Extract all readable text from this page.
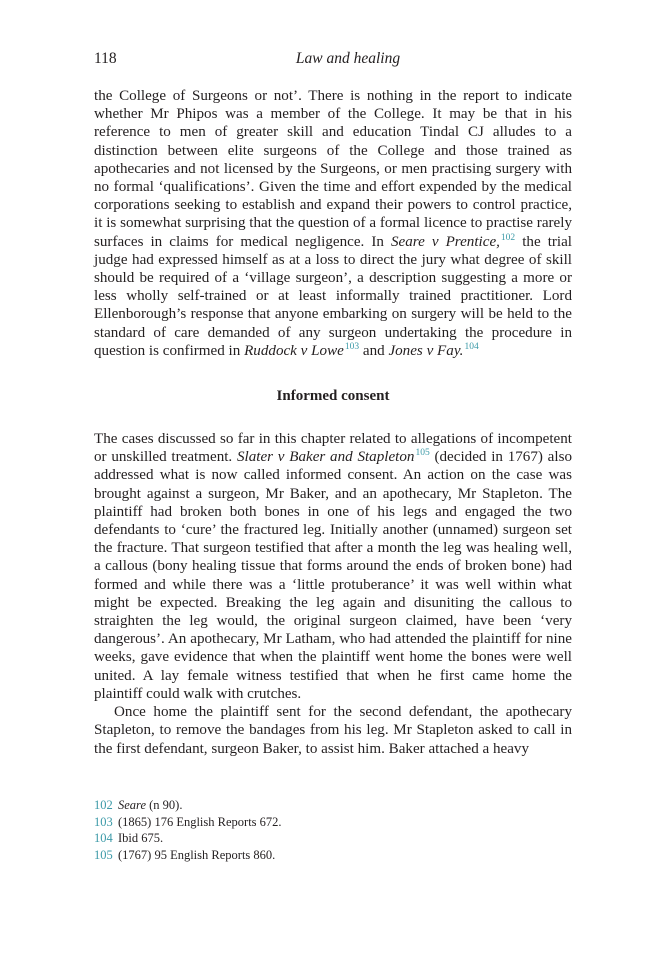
118	Law and healing

the College of Surgeons or not’. There is nothing in the report to indicate whether Mr Phipos was a member of the College. It may be that in his reference to men of greater skill and education Tindal CJ alludes to a distinction between elite surgeons of the College and those trained as apothecaries and not licensed by the Surgeons, or men practising surgery with no formal ‘qualifications’. Given the time and effort expended by the medical corporations seeking to establish and expand their powers to control practice, it is somewhat surprising that the question of a formal licence to practise rarely surfaces in claims for medical negligence. In Seare v Prentice,$^{102}$ the trial judge had expressed himself as at a loss to direct the jury what degree of skill should be required of a ‘village surgeon’, a description suggesting a more or less wholly self-trained or at least informally trained practitioner. Lord Ellenborough’s response that anyone embarking on surgery will be held to the standard of care demanded of any surgeon undertaking the procedure in question is confirmed in Ruddock v Lowe$^{103}$ and Jones v Fay.$^{104}$

Informed consent

The cases discussed so far in this chapter related to allegations of incompetent or unskilled treatment. Slater v Baker and Stapleton$^{105}$ (decided in 1767) also addressed what is now called informed consent. An action on the case was brought against a surgeon, Mr Baker, and an apothecary, Mr Stapleton. The plaintiff had broken both bones in one of his legs and engaged the two defendants to ‘cure’ the fractured leg. Initially another (unnamed) surgeon set the fracture. That surgeon testified that after a month the leg was healing well, a callous (bony healing tissue that forms around the ends of broken bone) had formed and while there was a ‘little protuberance’ it was well within what might be expected. Breaking the leg again and disuniting the callous to straighten the leg would, the original surgeon claimed, have been ‘very dangerous’. An apothecary, Mr Latham, who had attended the plaintiff for nine weeks, gave evidence that when the plaintiff went home the bones were well united. A lay female witness testified that when he first came home the plaintiff could walk with crutches.

Once home the plaintiff sent for the second defendant, the apothecary Stapleton, to remove the bandages from his leg. Mr Stapleton asked to call in the first defendant, surgeon Baker, to assist him. Baker attached a heavy

102 Seare (n 90).
103 (1865) 176 English Reports 672.
104 Ibid 675.
105 (1767) 95 English Reports 860.
